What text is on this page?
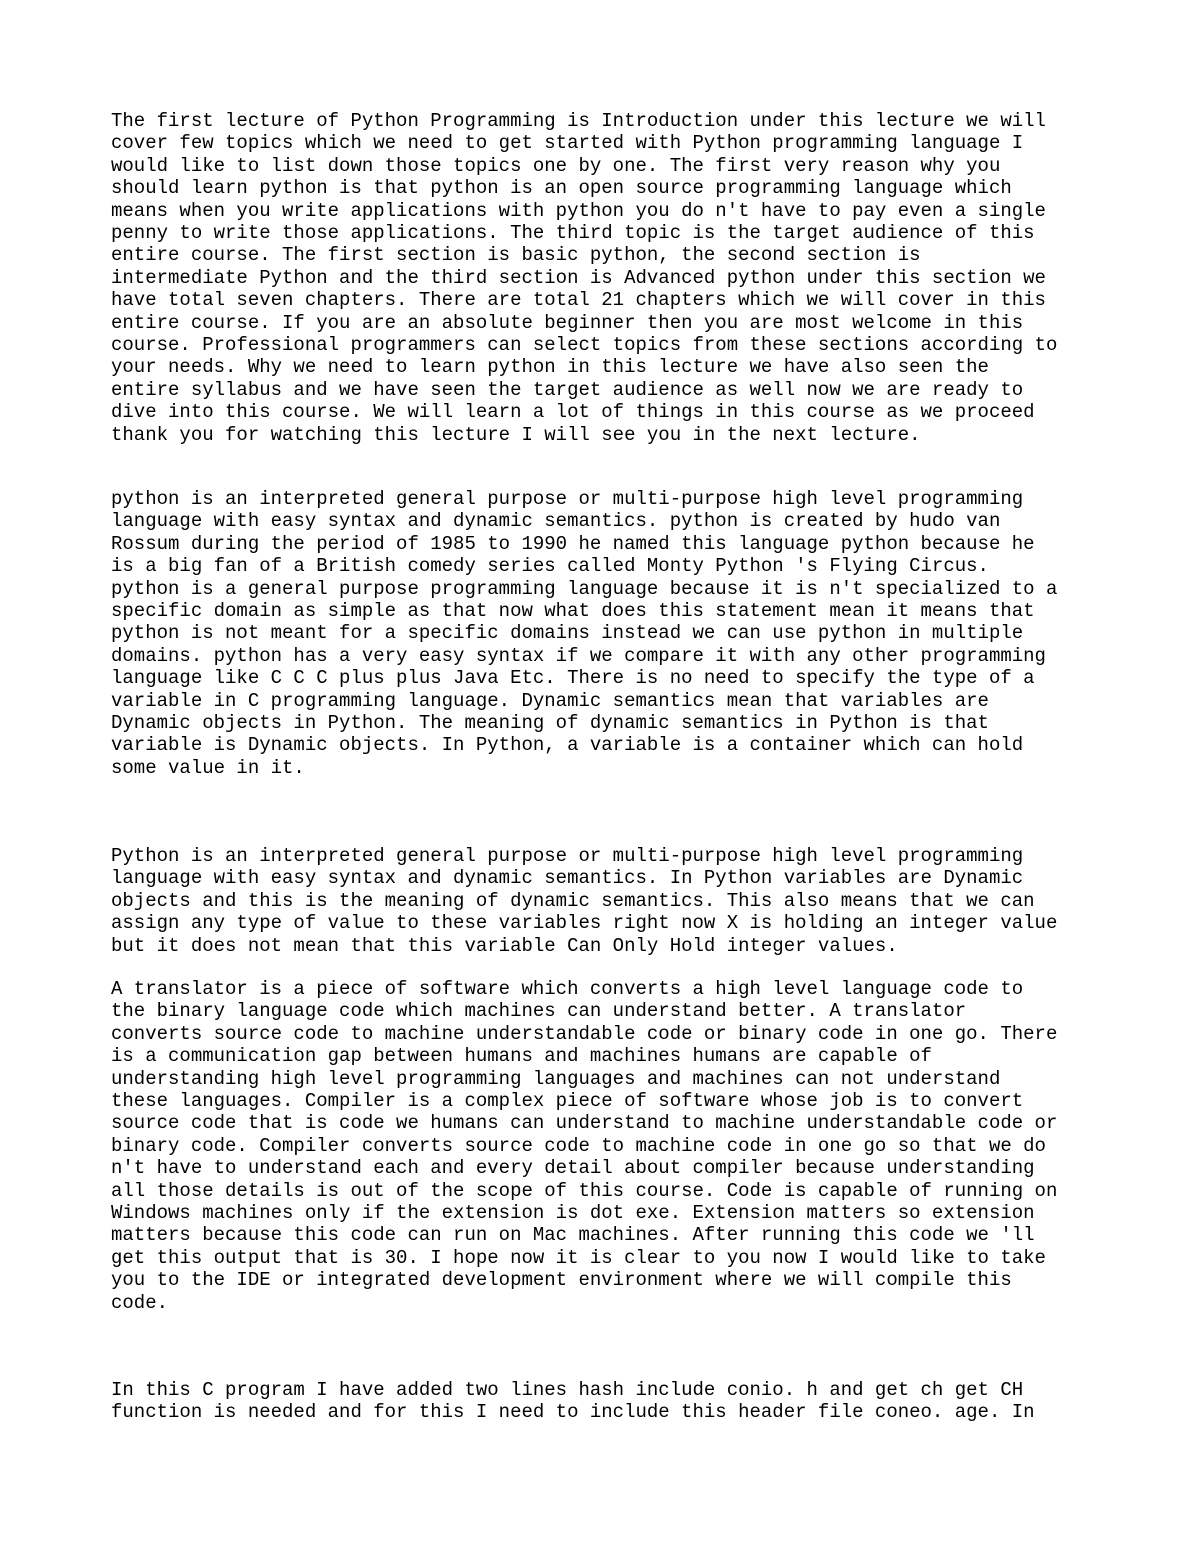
The first lecture of Python Programming is Introduction under this lecture we will
cover few topics which we need to get started with Python programming language I
would like to list down those topics one by one. The first very reason why you
should learn python is that python is an open source programming language which
means when you write applications with python you do n't have to pay even a single
penny to write those applications. The third topic is the target audience of this
entire course. The first section is basic python, the second section is
intermediate Python and the third section is Advanced python under this section we
have total seven chapters. There are total 21 chapters which we will cover in this
entire course. If you are an absolute beginner then you are most welcome in this
course. Professional programmers can select topics from these sections according to
your needs. Why we need to learn python in this lecture we have also seen the
entire syllabus and we have seen the target audience as well now we are ready to
dive into this course. We will learn a lot of things in this course as we proceed
thank you for watching this lecture I will see you in the next lecture.

python is an interpreted general purpose or multi-purpose high level programming
language with easy syntax and dynamic semantics. python is created by hudo van
Rossum during the period of 1985 to 1990 he named this language python because he
is a big fan of a British comedy series called Monty Python 's Flying Circus.
python is a general purpose programming language because it is n't specialized to a
specific domain as simple as that now what does this statement mean it means that
python is not meant for a specific domains instead we can use python in multiple
domains. python has a very easy syntax if we compare it with any other programming
language like C C C plus plus Java Etc. There is no need to specify the type of a
variable in C programming language. Dynamic semantics mean that variables are
Dynamic objects in Python. The meaning of dynamic semantics in Python is that
variable is Dynamic objects. In Python, a variable is a container which can hold
some value in it.

Python is an interpreted general purpose or multi-purpose high level programming
language with easy syntax and dynamic semantics. In Python variables are Dynamic
objects and this is the meaning of dynamic semantics. This also means that we can
assign any type of value to these variables right now X is holding an integer value
but it does not mean that this variable Can Only Hold integer values.

A translator is a piece of software which converts a high level language code to
the binary language code which machines can understand better. A translator
converts source code to machine understandable code or binary code in one go. There
is a communication gap between humans and machines humans are capable of
understanding high level programming languages and machines can not understand
these languages. Compiler is a complex piece of software whose job is to convert
source code that is code we humans can understand to machine understandable code or
binary code. Compiler converts source code to machine code in one go so that we do
n't have to understand each and every detail about compiler because understanding
all those details is out of the scope of this course. Code is capable of running on
Windows machines only if the extension is dot exe. Extension matters so extension
matters because this code can run on Mac machines. After running this code we 'll
get this output that is 30. I hope now it is clear to you now I would like to take
you to the IDE or integrated development environment where we will compile this
code.

In this C program I have added two lines hash include conio. h and get ch get CH
function is needed and for this I need to include this header file coneo. age. In
